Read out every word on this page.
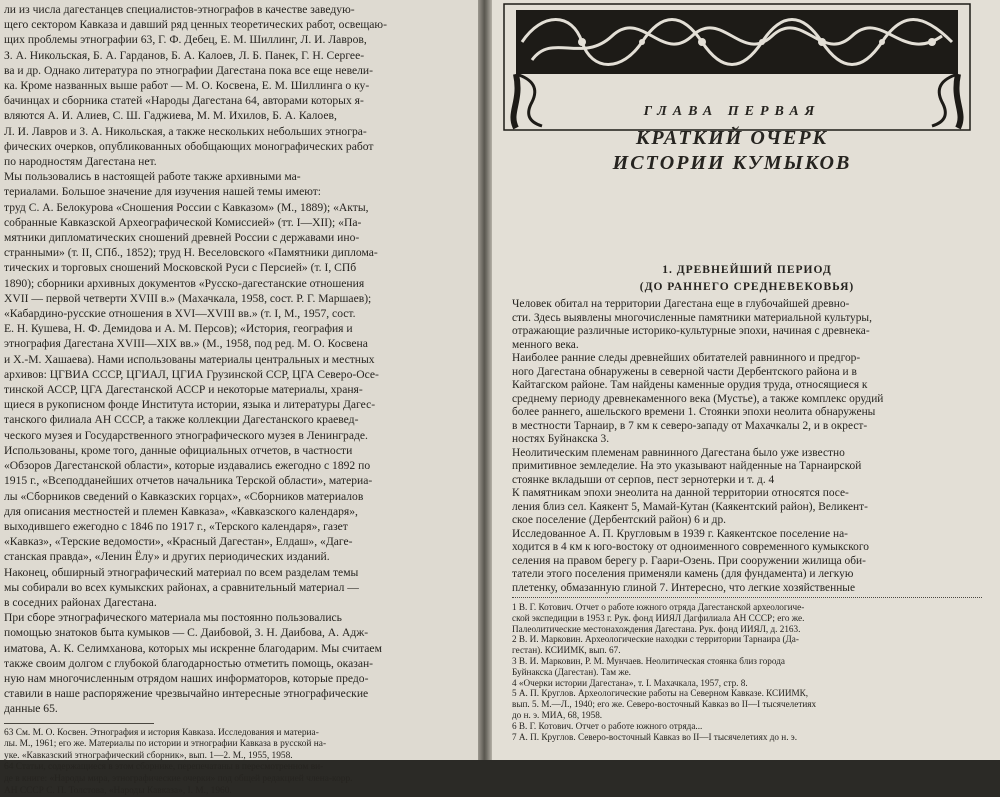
ли из числа дагестанцев специалистов-этнографов в качестве заведую-
щего сектором Кавказа и давший ряд ценных теоретических работ, освещаю-
щих проблемы этнографии 63, Г. Ф. Дебец, Е. М. Шиллинг, Л. И. Лавров,
З. А. Никольская, Б. А. Гарданов, Б. А. Калоев, Л. Б. Панек, Г. Н. Сергее-
ва и др. Однако литература по этнографии Дагестана пока все еще невели-
ка. Кроме названных выше работ — М. О. Косвена, Е. М. Шиллинга о ку-
бачинцах и сборника статей «Народы Дагестана 64, авторами которых я-
вляются А. И. Алиев, С. Ш. Гаджиева, М. М. Ихилов, Б. А. Калоев,
Л. И. Лавров и З. А. Никольская, а также нескольких небольших этногра-
фических очерков, опубликованных обобщающих монографических работ
по народностям Дагестана нет.
Мы пользовались в настоящей работе также архивными ма-
териалами. Большое значение для изучения нашей темы имеют:
труд С. А. Белокурова «Сношения России с Кавказом» (М., 1889); «Акты,
собранные Кавказской Археографической Комиссией» (тт. I—XII); «Па-
мятники дипломатических сношений древней России с державами ино-
странными» (т. II, СПб., 1852); труд Н. Веселовского «Памятники диплома-
тических и торговых сношений Московской Руси с Персией» (т. I, СПб
1890); сборники архивных документов «Русско-дагестанские отношения
XVII — первой четверти XVIII в.» (Махачкала, 1958, сост. Р. Г. Маршаев);
«Кабардино-русские отношения в XVI—XVIII вв.» (т. I, М., 1957, сост.
Е. Н. Кушева, Н. Ф. Демидова и А. М. Персов); «История, география и
этнография Дагестана XVIII—XIX вв.» (М., 1958, под ред. М. О. Косвена
и Х.-М. Хашаева). Нами использованы материалы центральных и местных
архивов: ЦГВИА СССР, ЦГИАЛ, ЦГИА Грузинской ССР, ЦГА Северо-Осе-
тинской АССР, ЦГА Дагестанской АССР и некоторые материалы, храня-
щиеся в рукописном фонде Института истории, языка и литературы Дагес-
танского филиала АН СССР, а также коллекции Дагестанского краевед-
ческого музея и Государственного этнографического музея в Ленинграде.
Использованы, кроме того, данные официальных отчетов, в частности
«Обзоров Дагестанской области», которые издавались ежегодно с 1892 по
1915 г., «Всеподданейших отчетов начальника Терской области», материа-
лы «Сборников сведений о Кавказских горцах», «Сборников материалов
для описания местностей и племен Кавказа», «Кавказского календаря»,
выходившего ежегодно с 1846 по 1917 г., «Терского календаря», газет
«Кавказ», «Терские ведомости», «Красный Дагестан», Елдаш», «Даге-
станская правда», «Ленин Ëлу» и других периодических изданий.
Наконец, обширный этнографический материал по всем разделам темы
мы собирали во всех кумыкских районах, а сравнительный материал —
в соседних районах Дагестана.
При сборе этнографического материала мы постоянно пользовались
помощью знатоков быта кумыков — С. Даибовой, З. Н. Даибова, А. Адж-
иматова, А. К. Селимханова, которых мы искренне благодарим. Мы считаем
также своим долгом с глубокой благодарностью отметить помощь, оказан-
ную нам многочисленным отрядом наших информаторов, которые предо-
ставили в наше распоряжение чрезвычайно интересные этнографические
данные 65.
63 См. М. О. Косвен. Этнография и история Кавказа. Исследования и материа-
лы. М., 1961; его же. Материалы по истории и этнографии Кавказа в русской на-
уке. «Кавказский этнографический сборник», вып. 1—2. М., 1955, 1958.
64 Статьи, содержащиеся в этом сборнике, перепечатаны в пересмотренном ви-
де в книге: «Народы мира, этнографические очерки» под общей редакцией члена-корр.
АН СССР С. П. Толстова, «Народы Кавказа», I. М., 1960.
ГЛАВА ПЕРВАЯ
КРАТКИЙ ОЧЕРК
ИСТОРИИ КУМЫКОВ
1. ДРЕВНЕЙШИЙ ПЕРИОД
(ДО РАННЕГО СРЕДНЕВЕКОВЬЯ)
Человек обитал на территории Дагестана еще в глубочайшей древно-
сти. Здесь выявлены многочисленные памятники материальной культуры,
отражающие различные историко-культурные эпохи, начиная с древнека-
менного века.
Наиболее ранние следы древнейших обитателей равнинного и предгор-
ного Дагестана обнаружены в северной части Дербентского района и в
Кайтагском районе. Там найдены каменные орудия труда, относящиеся к
среднему периоду древнекаменного века (Мустье), а также комплекс орудий
более раннего, ашельского времени 1. Стоянки эпохи неолита обнаружены
в местности Тарнаир, в 7 км к северо-западу от Махачкалы 2, и в окрест-
ностях Буйнакска 3.
Неолитическим племенам равнинного Дагестана было уже известно
примитивное земледелие. На это указывают найденные на Тарнаирской
стоянке вкладыши от серпов, пест зернотерки и т. д. 4
К памятникам эпохи энеолита на данной территории относятся посе-
ления близ сел. Каякент 5, Мамай-Кутан (Каякентский район), Великент-
ское поселение (Дербентский район) 6 и др.
Исследованное А. П. Кругловым в 1939 г. Каякентское поселение на-
ходится в 4 км к юго-востоку от одноименного современного кумыкского
селения на правом берегу р. Гаари-Озень. При сооружении жилища оби-
татели этого поселения применяли камень (для фундамента) и легкую
плетенку, обмазанную глиной 7. Интересно, что легкие хозяйственные
1 В. Г. Котович. Отчет о работе южного отряда Дагестанской археологиче-
ской экспедиции в 1953 г. Рук. фонд ИИЯЛ Дагфилиала АН СССР; его же.
Палеолитические местонахождения Дагестана. Рук. фонд ИИЯЛ, д. 2163.
2 В. И. Марковин. Археологические находки с территории Тарнаира (Да-
гестан). КСИИМК, вып. 67.
3 В. И. Марковин, Р. М. Мунчаев. Неолитическая стоянка близ города
Буйнакска (Дагестан). Там же.
4 «Очерки истории Дагестана», т. I. Махачкала, 1957, стр. 8.
5 А. П. Круглов. Археологические работы на Северном Кавказе. КСИИМК,
вып. 5. М.—Л., 1940; его же. Северо-восточный Кавказ во II—I тысячелетиях
до н. э. МИА, 68, 1958.
6 В. Г. Котович. Отчет о работе южного отряда...
7 А. П. Круглов. Северо-восточный Кавказ во II—I тысячелетиях до н. э.
